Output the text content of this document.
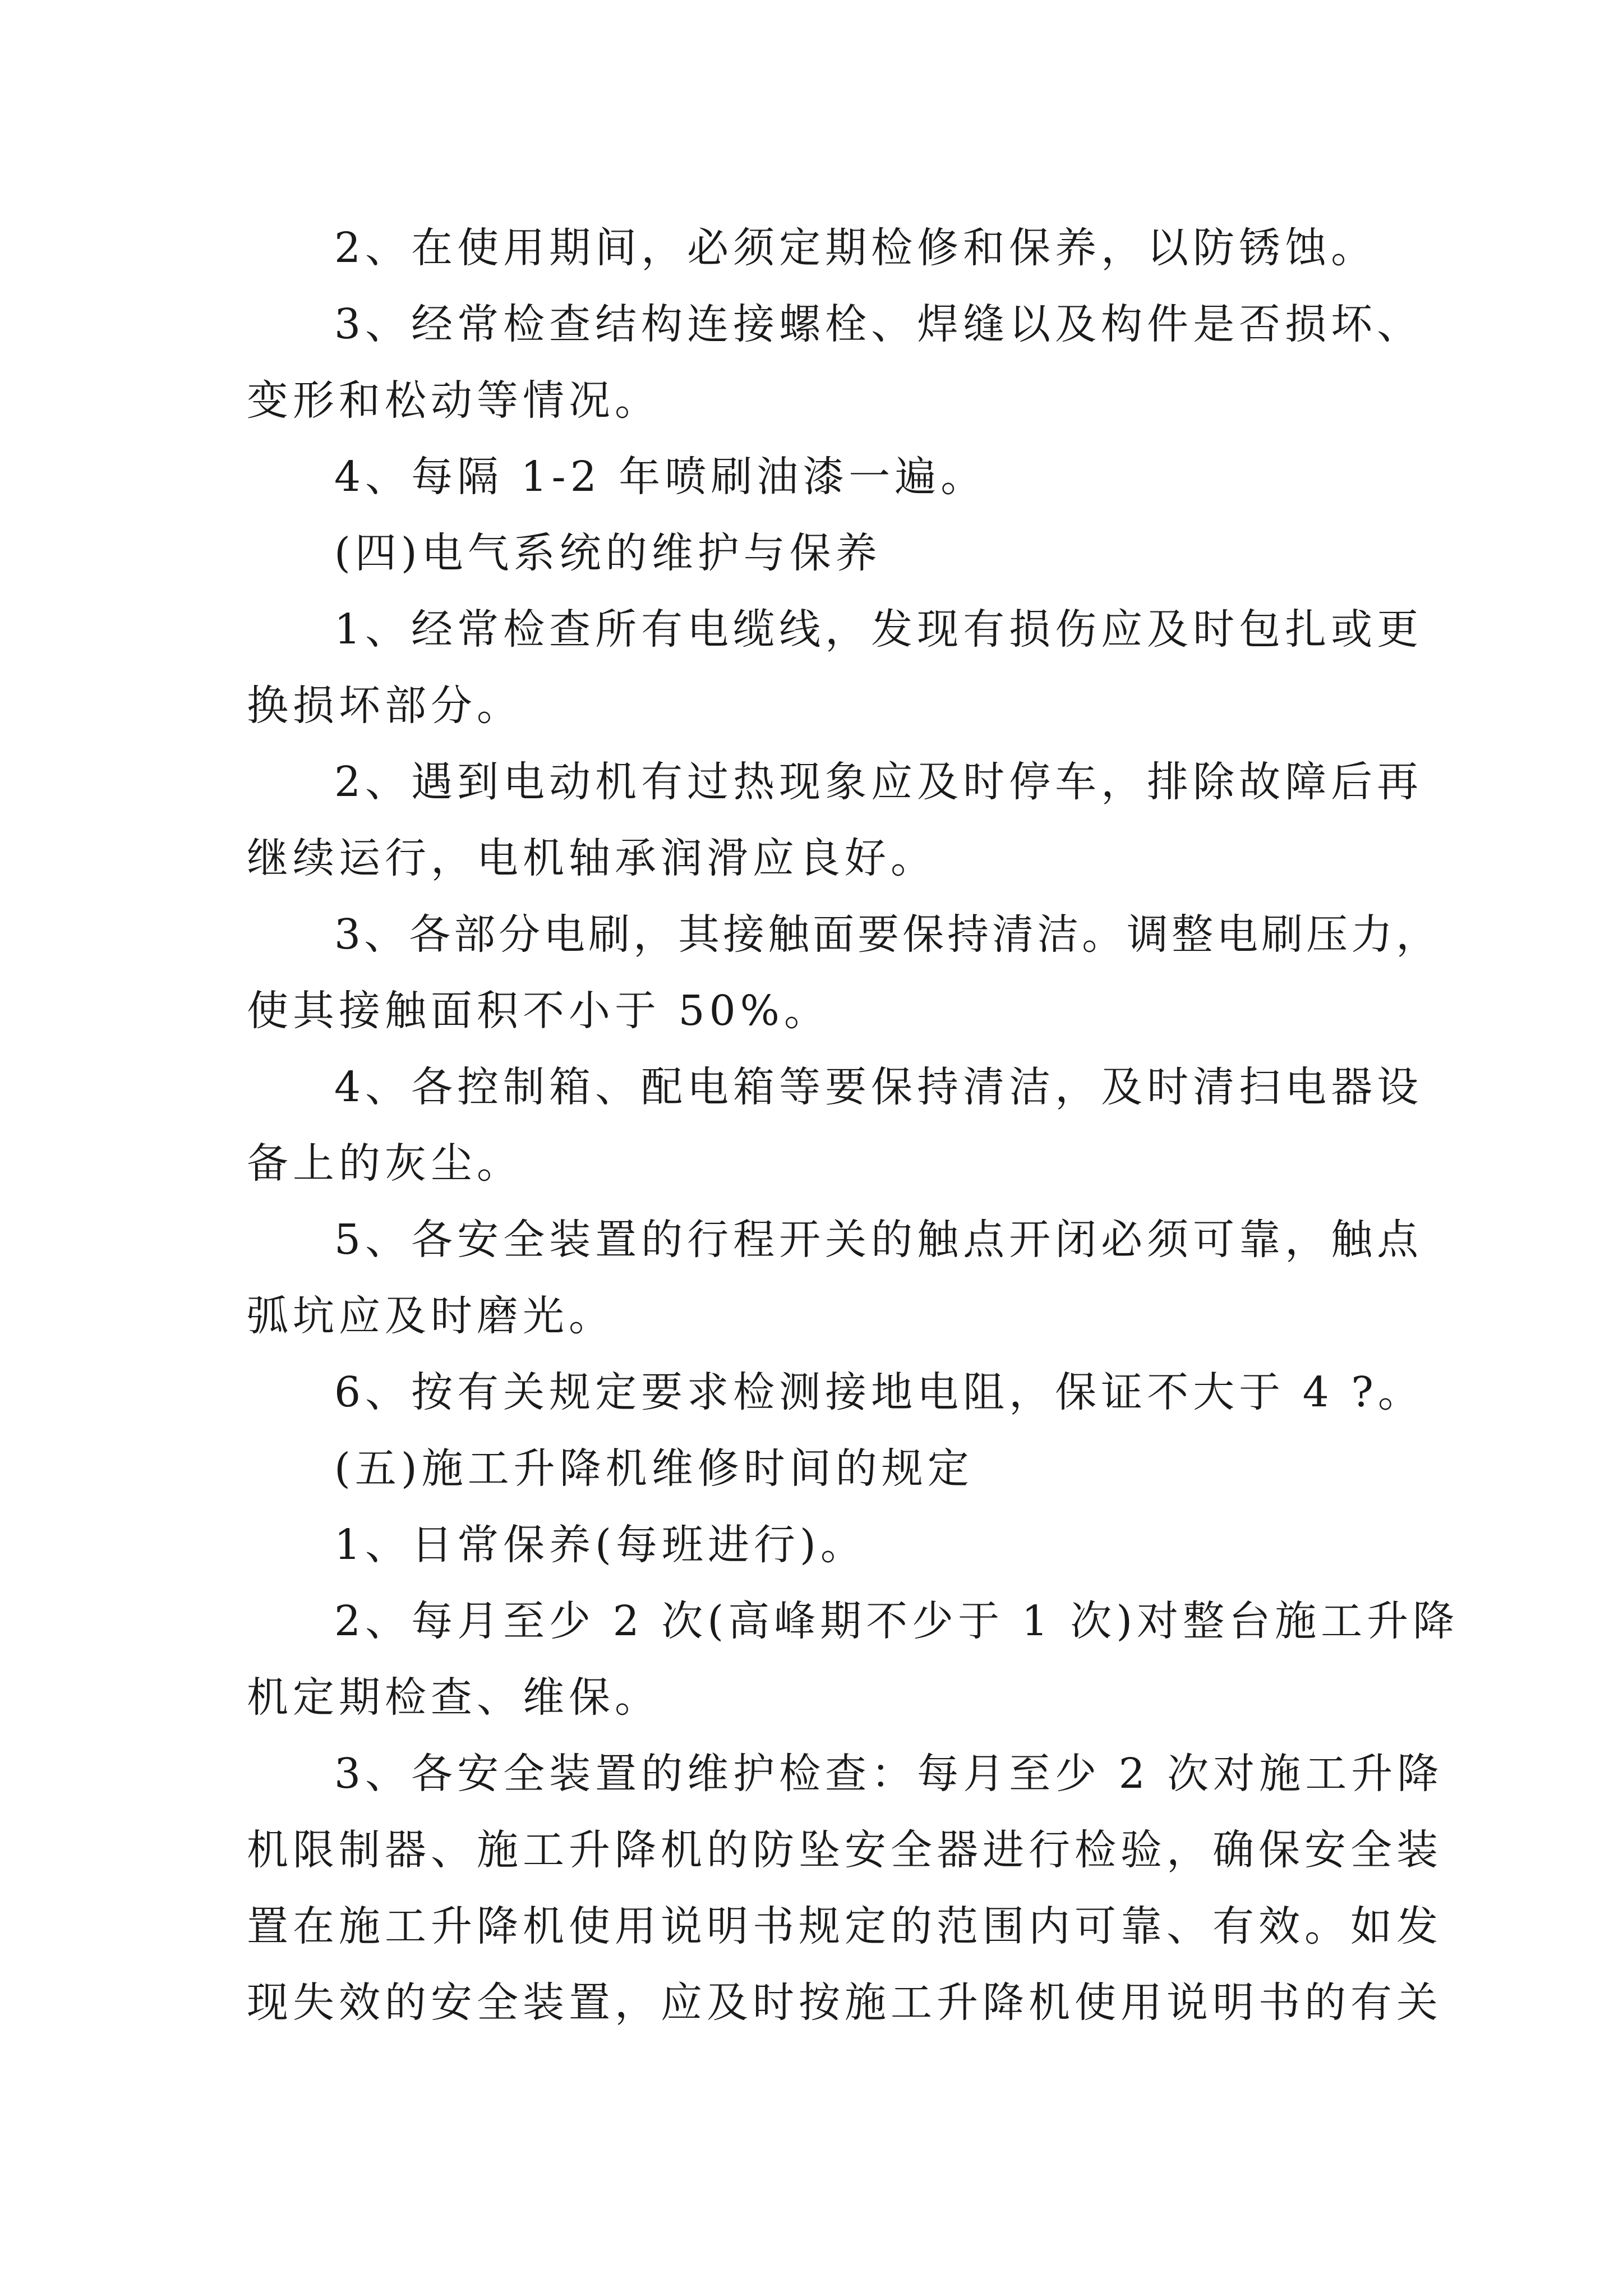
2、在使用期间，必须定期检修和保养，以防锈蚀。
3、经常检查结构连接螺栓、焊缝以及构件是否损坏、
变形和松动等情况。
4、每隔 1-2 年喷刷油漆一遍。
(四)电气系统的维护与保养
1、经常检查所有电缆线，发现有损伤应及时包扎或更
换损坏部分。
2、遇到电动机有过热现象应及时停车，排除故障后再
继续运行，电机轴承润滑应良好。
3、各部分电刷，其接触面要保持清洁。调整电刷压力，
使其接触面积不小于 50%。
4、各控制箱、配电箱等要保持清洁，及时清扫电器设
备上的灰尘。
5、各安全装置的行程开关的触点开闭必须可靠，触点
弧坑应及时磨光。
6、按有关规定要求检测接地电阻，保证不大于 4 ?。
(五)施工升降机维修时间的规定
1、日常保养(每班进行)。
2、每月至少 2 次(高峰期不少于 1 次)对整台施工升降
机定期检查、维保。
3、各安全装置的维护检查：每月至少 2 次对施工升降
机限制器、施工升降机的防坠安全器进行检验，确保安全装
置在施工升降机使用说明书规定的范围内可靠、有效。如发
现失效的安全装置，应及时按施工升降机使用说明书的有关
